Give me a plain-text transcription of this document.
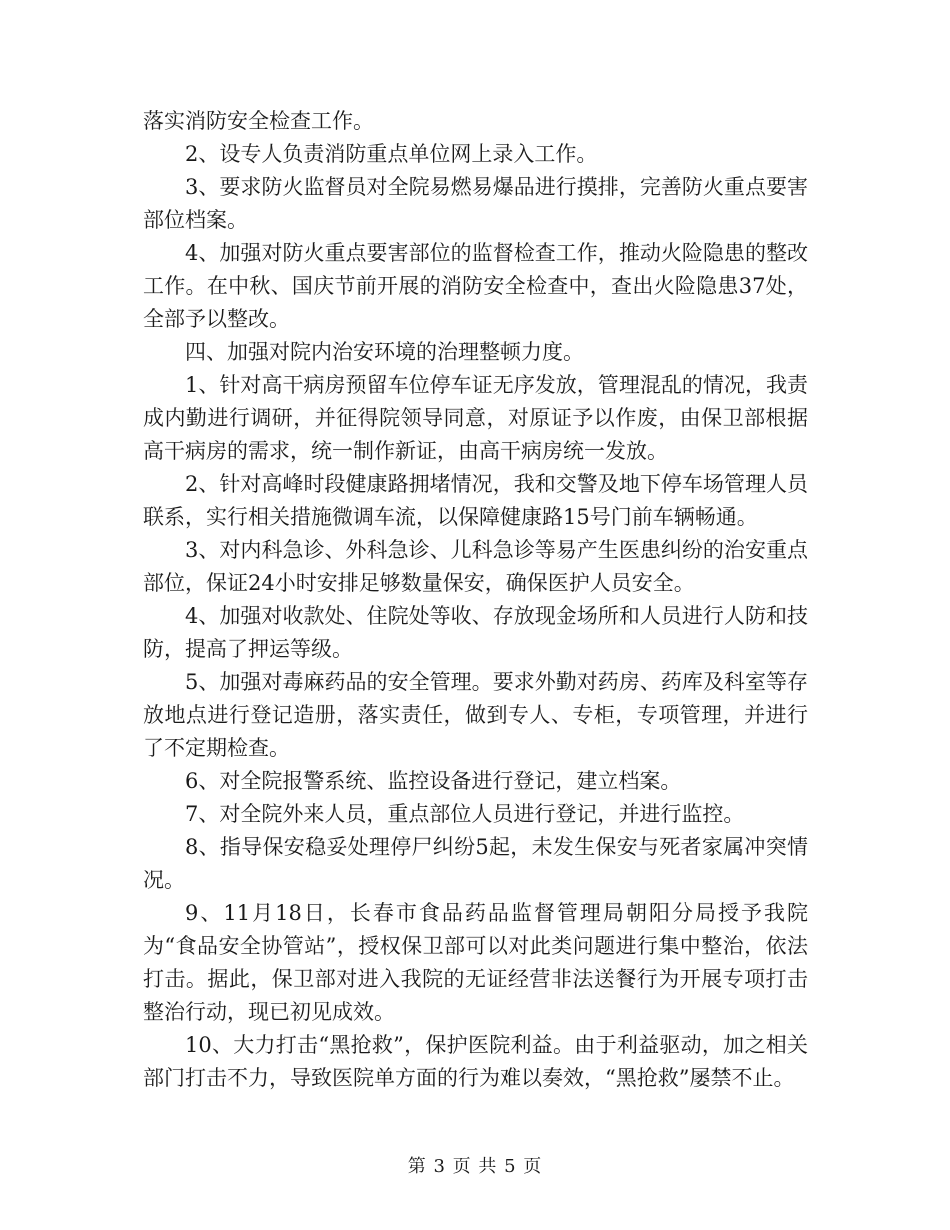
落实消防安全检查工作。

2、设专人负责消防重点单位网上录入工作。

3、要求防火监督员对全院易燃易爆品进行摸排，完善防火重点要害部位档案。

4、加强对防火重点要害部位的监督检查工作，推动火险隐患的整改工作。在中秋、国庆节前开展的消防安全检查中，查出火险隐患37处，全部予以整改。

四、加强对院内治安环境的治理整顿力度。

1、针对高干病房预留车位停车证无序发放，管理混乱的情况，我责成内勤进行调研，并征得院领导同意，对原证予以作废，由保卫部根据高干病房的需求，统一制作新证，由高干病房统一发放。

2、针对高峰时段健康路拥堵情况，我和交警及地下停车场管理人员联系，实行相关措施微调车流，以保障健康路15号门前车辆畅通。

3、对内科急诊、外科急诊、儿科急诊等易产生医患纠纷的治安重点部位，保证24小时安排足够数量保安，确保医护人员安全。

4、加强对收款处、住院处等收、存放现金场所和人员进行人防和技防，提高了押运等级。

5、加强对毒麻药品的安全管理。要求外勤对药房、药库及科室等存放地点进行登记造册，落实责任，做到专人、专柜，专项管理，并进行了不定期检查。

6、对全院报警系统、监控设备进行登记，建立档案。

7、对全院外来人员，重点部位人员进行登记，并进行监控。

8、指导保安稳妥处理停尸纠纷5起，未发生保安与死者家属冲突情况。

9、11月18日，长春市食品药品监督管理局朝阳分局授予我院为“食品安全协管站”，授权保卫部可以对此类问题进行集中整治，依法打击。据此，保卫部对进入我院的无证经营非法送餐行为开展专项打击整治行动，现已初见成效。

10、大力打击“黑抢救”，保护医院利益。由于利益驱动，加之相关部门打击不力，导致医院单方面的行为难以奏效，“黑抢救”屡禁不止。

第 3 页 共 5 页
